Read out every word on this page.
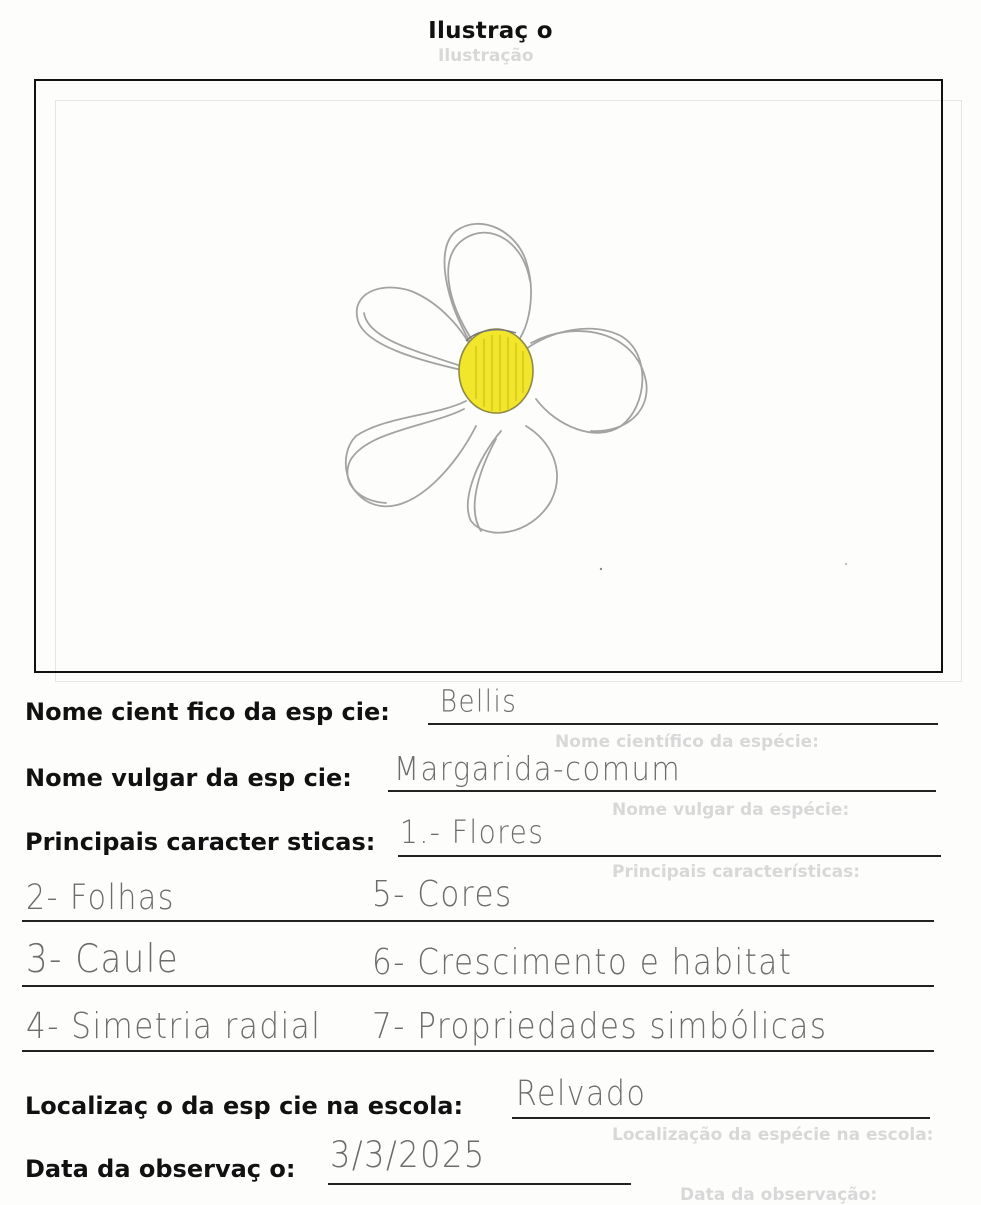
Ilustração
Nome científico da espécie:
Nome vulgar da espécie:
Principais características:
Localização da espécie na escola:
Data da observação:
Ilustraç o
Nome cient fico da esp cie: Bellis
Nome vulgar da esp cie: Margarida-comum
Principais caracter sticas: 1.- Flores
2- Folhas	5- Cores
3- Caule	6- Crescimento e habitat
4- Simetria radial 7- Propriedades simbólicas
Localizaç o da esp cie na escola: Relvado
Data da observaç o: 3/3/2025
